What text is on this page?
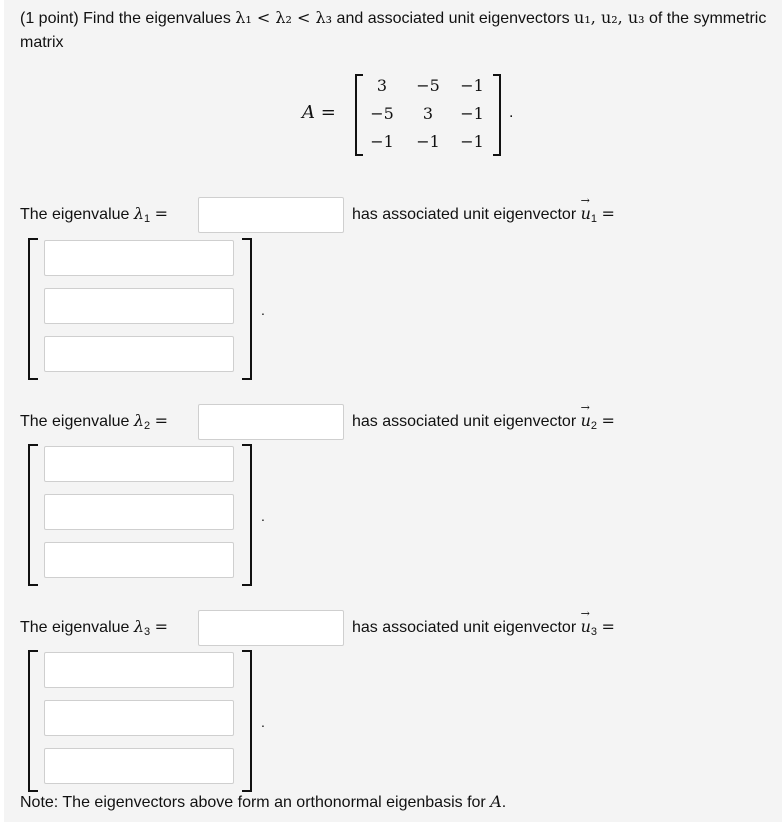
(1 point) Find the eigenvalues λ₁ < λ₂ < λ₃ and associated unit eigenvectors u₁, u₂, u₃ of the symmetric matrix
A =
3	−5	−1
−5	3	−1
−1	−1	−1
.
The eigenvalue $\lambda_1$ =	has associated unit eigenvector → $u_1$ =
.
The eigenvalue $\lambda_2$ =	has associated unit eigenvector → $u_2$ =
.
The eigenvalue $\lambda_3$ =	has associated unit eigenvector → $u_3$ =
.
Note: The eigenvectors above form an orthonormal eigenbasis for A.
